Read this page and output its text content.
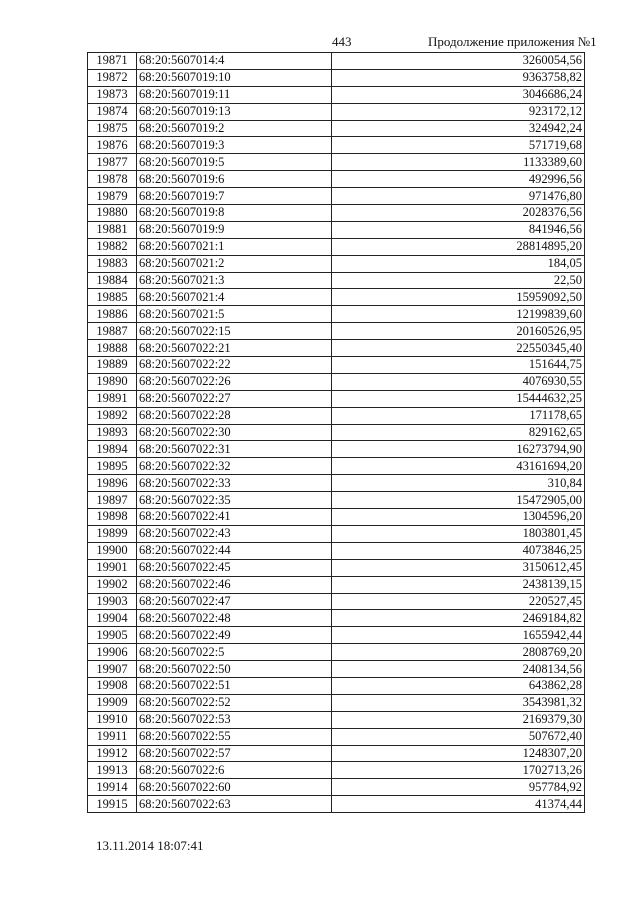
443	Продолжение приложения №1
19871	68:20:5607014:4	3260054,56
19872	68:20:5607019:10	9363758,82
19873	68:20:5607019:11	3046686,24
19874	68:20:5607019:13	923172,12
19875	68:20:5607019:2	324942,24
19876	68:20:5607019:3	571719,68
19877	68:20:5607019:5	1133389,60
19878	68:20:5607019:6	492996,56
19879	68:20:5607019:7	971476,80
19880	68:20:5607019:8	2028376,56
19881	68:20:5607019:9	841946,56
19882	68:20:5607021:1	28814895,20
19883	68:20:5607021:2	184,05
19884	68:20:5607021:3	22,50
19885	68:20:5607021:4	15959092,50
19886	68:20:5607021:5	12199839,60
19887	68:20:5607022:15	20160526,95
19888	68:20:5607022:21	22550345,40
19889	68:20:5607022:22	151644,75
19890	68:20:5607022:26	4076930,55
19891	68:20:5607022:27	15444632,25
19892	68:20:5607022:28	171178,65
19893	68:20:5607022:30	829162,65
19894	68:20:5607022:31	16273794,90
19895	68:20:5607022:32	43161694,20
19896	68:20:5607022:33	310,84
19897	68:20:5607022:35	15472905,00
19898	68:20:5607022:41	1304596,20
19899	68:20:5607022:43	1803801,45
19900	68:20:5607022:44	4073846,25
19901	68:20:5607022:45	3150612,45
19902	68:20:5607022:46	2438139,15
19903	68:20:5607022:47	220527,45
19904	68:20:5607022:48	2469184,82
19905	68:20:5607022:49	1655942,44
19906	68:20:5607022:5	2808769,20
19907	68:20:5607022:50	2408134,56
19908	68:20:5607022:51	643862,28
19909	68:20:5607022:52	3543981,32
19910	68:20:5607022:53	2169379,30
19911	68:20:5607022:55	507672,40
19912	68:20:5607022:57	1248307,20
19913	68:20:5607022:6	1702713,26
19914	68:20:5607022:60	957784,92
19915	68:20:5607022:63	41374,44
13.11.2014 18:07:41
